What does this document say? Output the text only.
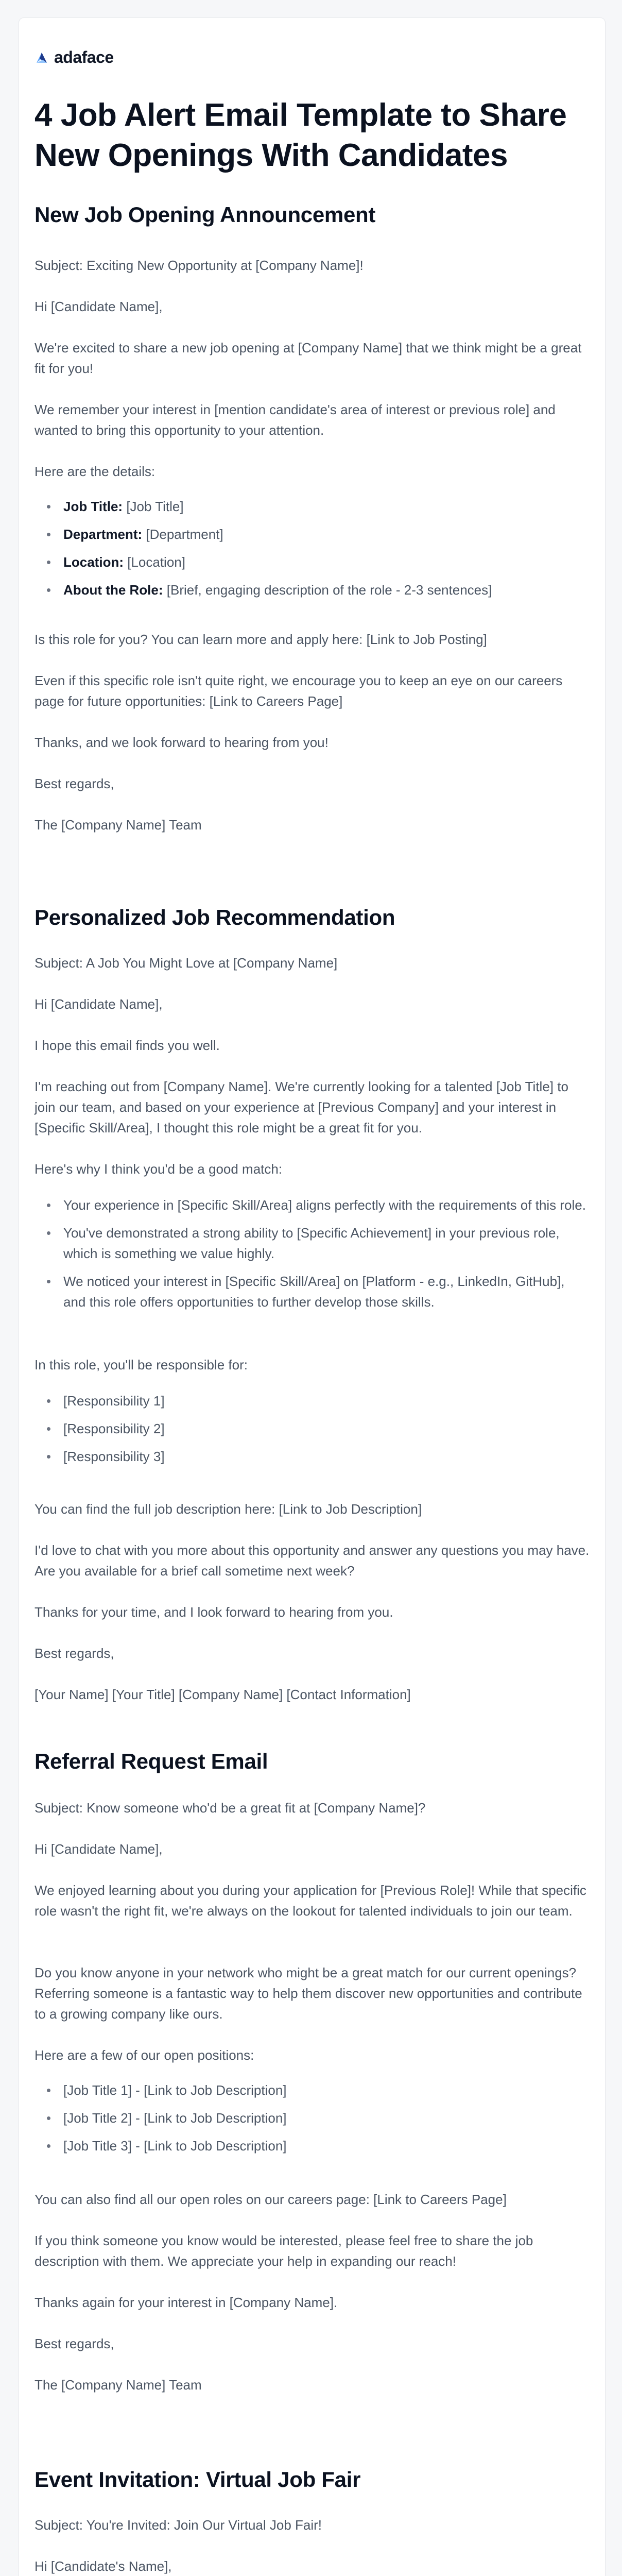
adaface
4 Job Alert Email Template to Share New Openings With Candidates
New Job Opening Announcement

Subject: Exciting New Opportunity at [Company Name]!

Hi [Candidate Name],

We're excited to share a new job opening at [Company Name] that we think might be a great fit for you!

We remember your interest in [mention candidate's area of interest or previous role] and wanted to bring this opportunity to your attention.

Here are the details:

Job Title: [Job Title]
Department: [Department]
Location: [Location]
About the Role: [Brief, engaging description of the role - 2-3 sentences]

Is this role for you? You can learn more and apply here: [Link to Job Posting]

Even if this specific role isn't quite right, we encourage you to keep an eye on our careers page for future opportunities: [Link to Careers Page]

Thanks, and we look forward to hearing from you!

Best regards,

The [Company Name] Team

Personalized Job Recommendation

Subject: A Job You Might Love at [Company Name]

Hi [Candidate Name],

I hope this email finds you well.

I'm reaching out from [Company Name]. We're currently looking for a talented [Job Title] to join our team, and based on your experience at [Previous Company] and your interest in [Specific Skill/Area], I thought this role might be a great fit for you.

Here's why I think you'd be a good match:

Your experience in [Specific Skill/Area] aligns perfectly with the requirements of this role.
You've demonstrated a strong ability to [Specific Achievement] in your previous role, which is something we value highly.
We noticed your interest in [Specific Skill/Area] on [Platform - e.g., LinkedIn, GitHub], and this role offers opportunities to further develop those skills.

In this role, you'll be responsible for:

[Responsibility 1]
[Responsibility 2]
[Responsibility 3]

You can find the full job description here: [Link to Job Description]

I'd love to chat with you more about this opportunity and answer any questions you may have. Are you available for a brief call sometime next week?

Thanks for your time, and I look forward to hearing from you.

Best regards,

[Your Name] [Your Title] [Company Name] [Contact Information]

Referral Request Email

Subject: Know someone who'd be a great fit at [Company Name]?

Hi [Candidate Name],

We enjoyed learning about you during your application for [Previous Role]! While that specific role wasn't the right fit, we're always on the lookout for talented individuals to join our team.

Do you know anyone in your network who might be a great match for our current openings? Referring someone is a fantastic way to help them discover new opportunities and contribute to a growing company like ours.

Here are a few of our open positions:

[Job Title 1] - [Link to Job Description]
[Job Title 2] - [Link to Job Description]
[Job Title 3] - [Link to Job Description]

You can also find all our open roles on our careers page: [Link to Careers Page]

If you think someone you know would be interested, please feel free to share the job description with them. We appreciate your help in expanding our reach!

Thanks again for your interest in [Company Name].

Best regards,

The [Company Name] Team

Event Invitation: Virtual Job Fair

Subject: You're Invited: Join Our Virtual Job Fair!

Hi [Candidate's Name],
